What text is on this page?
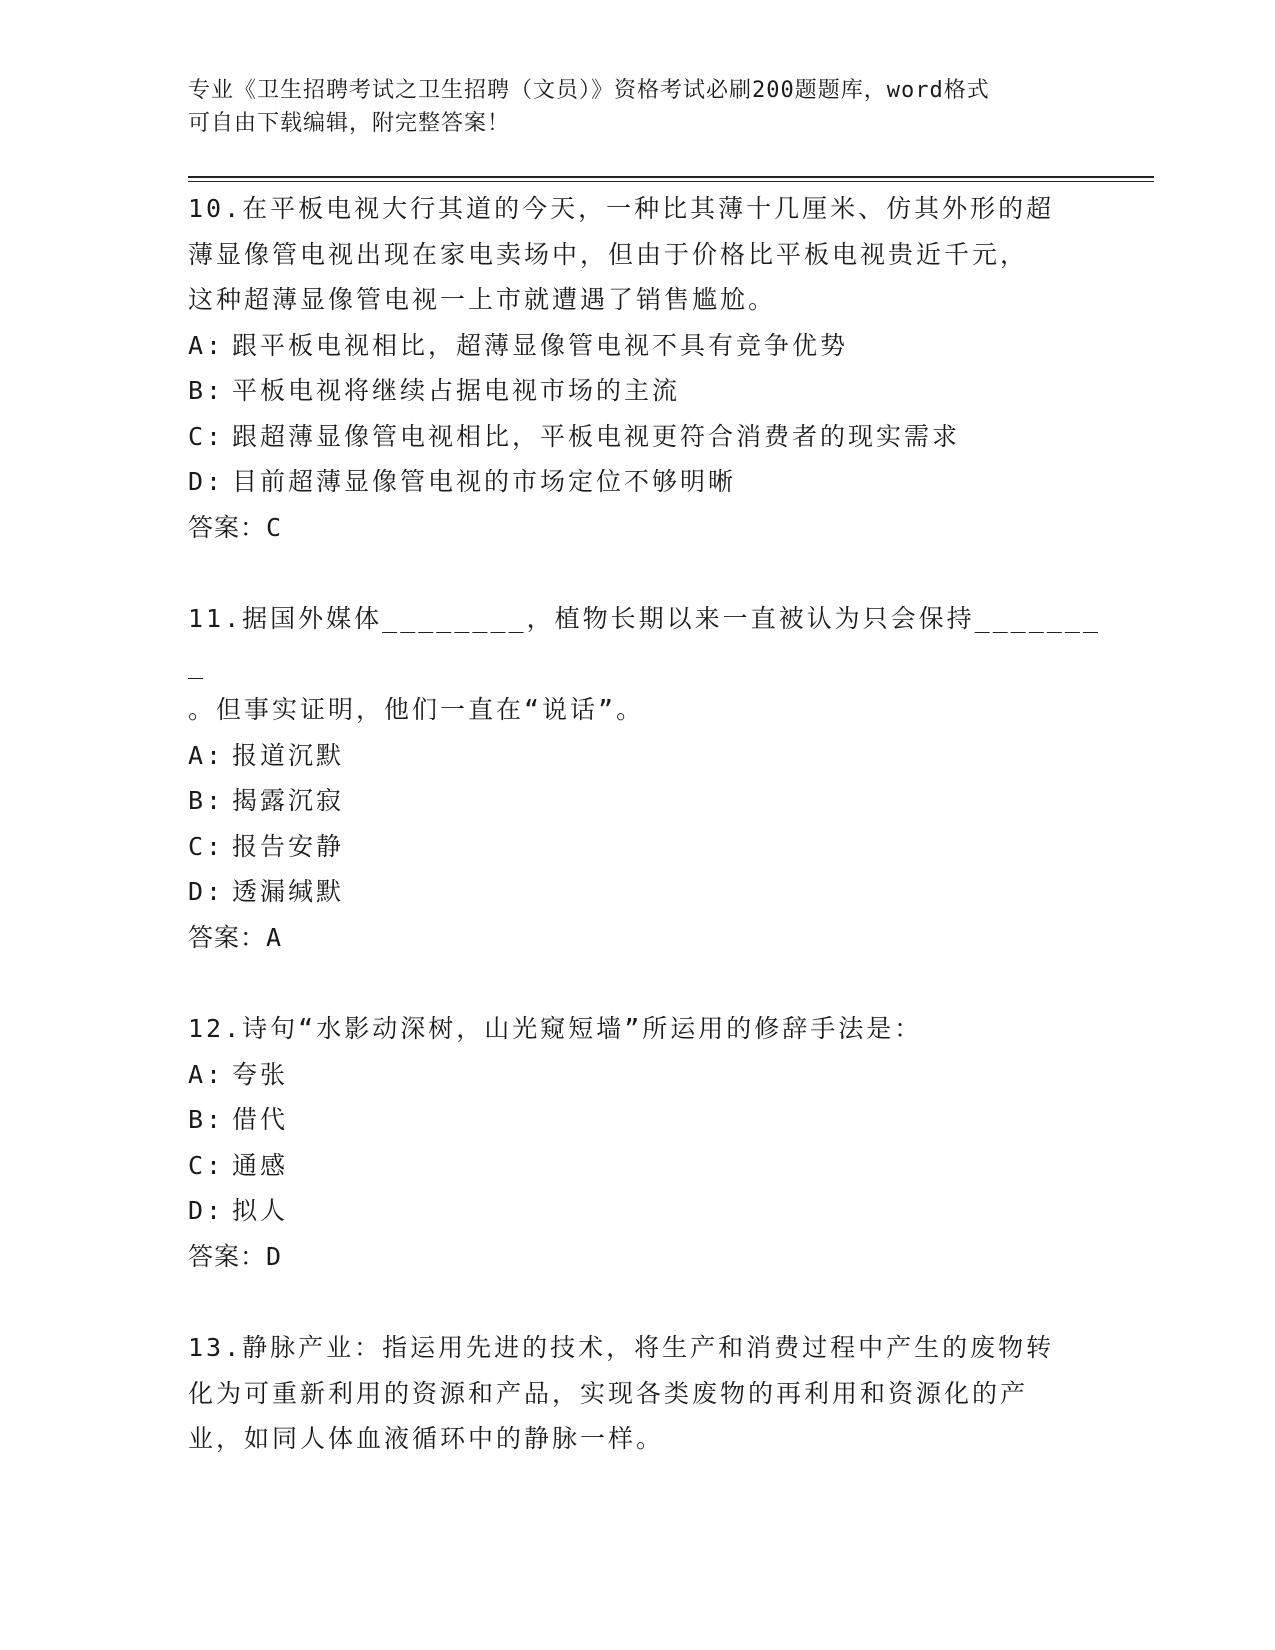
专业《卫生招聘考试之卫生招聘（文员）》资格考试必刷200题题库，word格式
可自由下载编辑，附完整答案！
10.在平板电视大行其道的今天，一种比其薄十几厘米、仿其外形的超
薄显像管电视出现在家电卖场中，但由于价格比平板电视贵近千元，
这种超薄显像管电视一上市就遭遇了销售尴尬。
A: 跟平板电视相比，超薄显像管电视不具有竞争优势
B: 平板电视将继续占据电视市场的主流
C: 跟超薄显像管电视相比，平板电视更符合消费者的现实需求
D: 目前超薄显像管电视的市场定位不够明晰
答案：C
11.据国外媒体________，植物长期以来一直被认为只会保持________
。但事实证明，他们一直在“说话”。
A: 报道沉默
B: 揭露沉寂
C: 报告安静
D: 透漏缄默
答案：A
12.诗句“水影动深树，山光窥短墙”所运用的修辞手法是：
A: 夸张
B: 借代
C: 通感
D: 拟人
答案：D
13.静脉产业：指运用先进的技术，将生产和消费过程中产生的废物转
化为可重新利用的资源和产品，实现各类废物的再利用和资源化的产
业，如同人体血液循环中的静脉一样。
